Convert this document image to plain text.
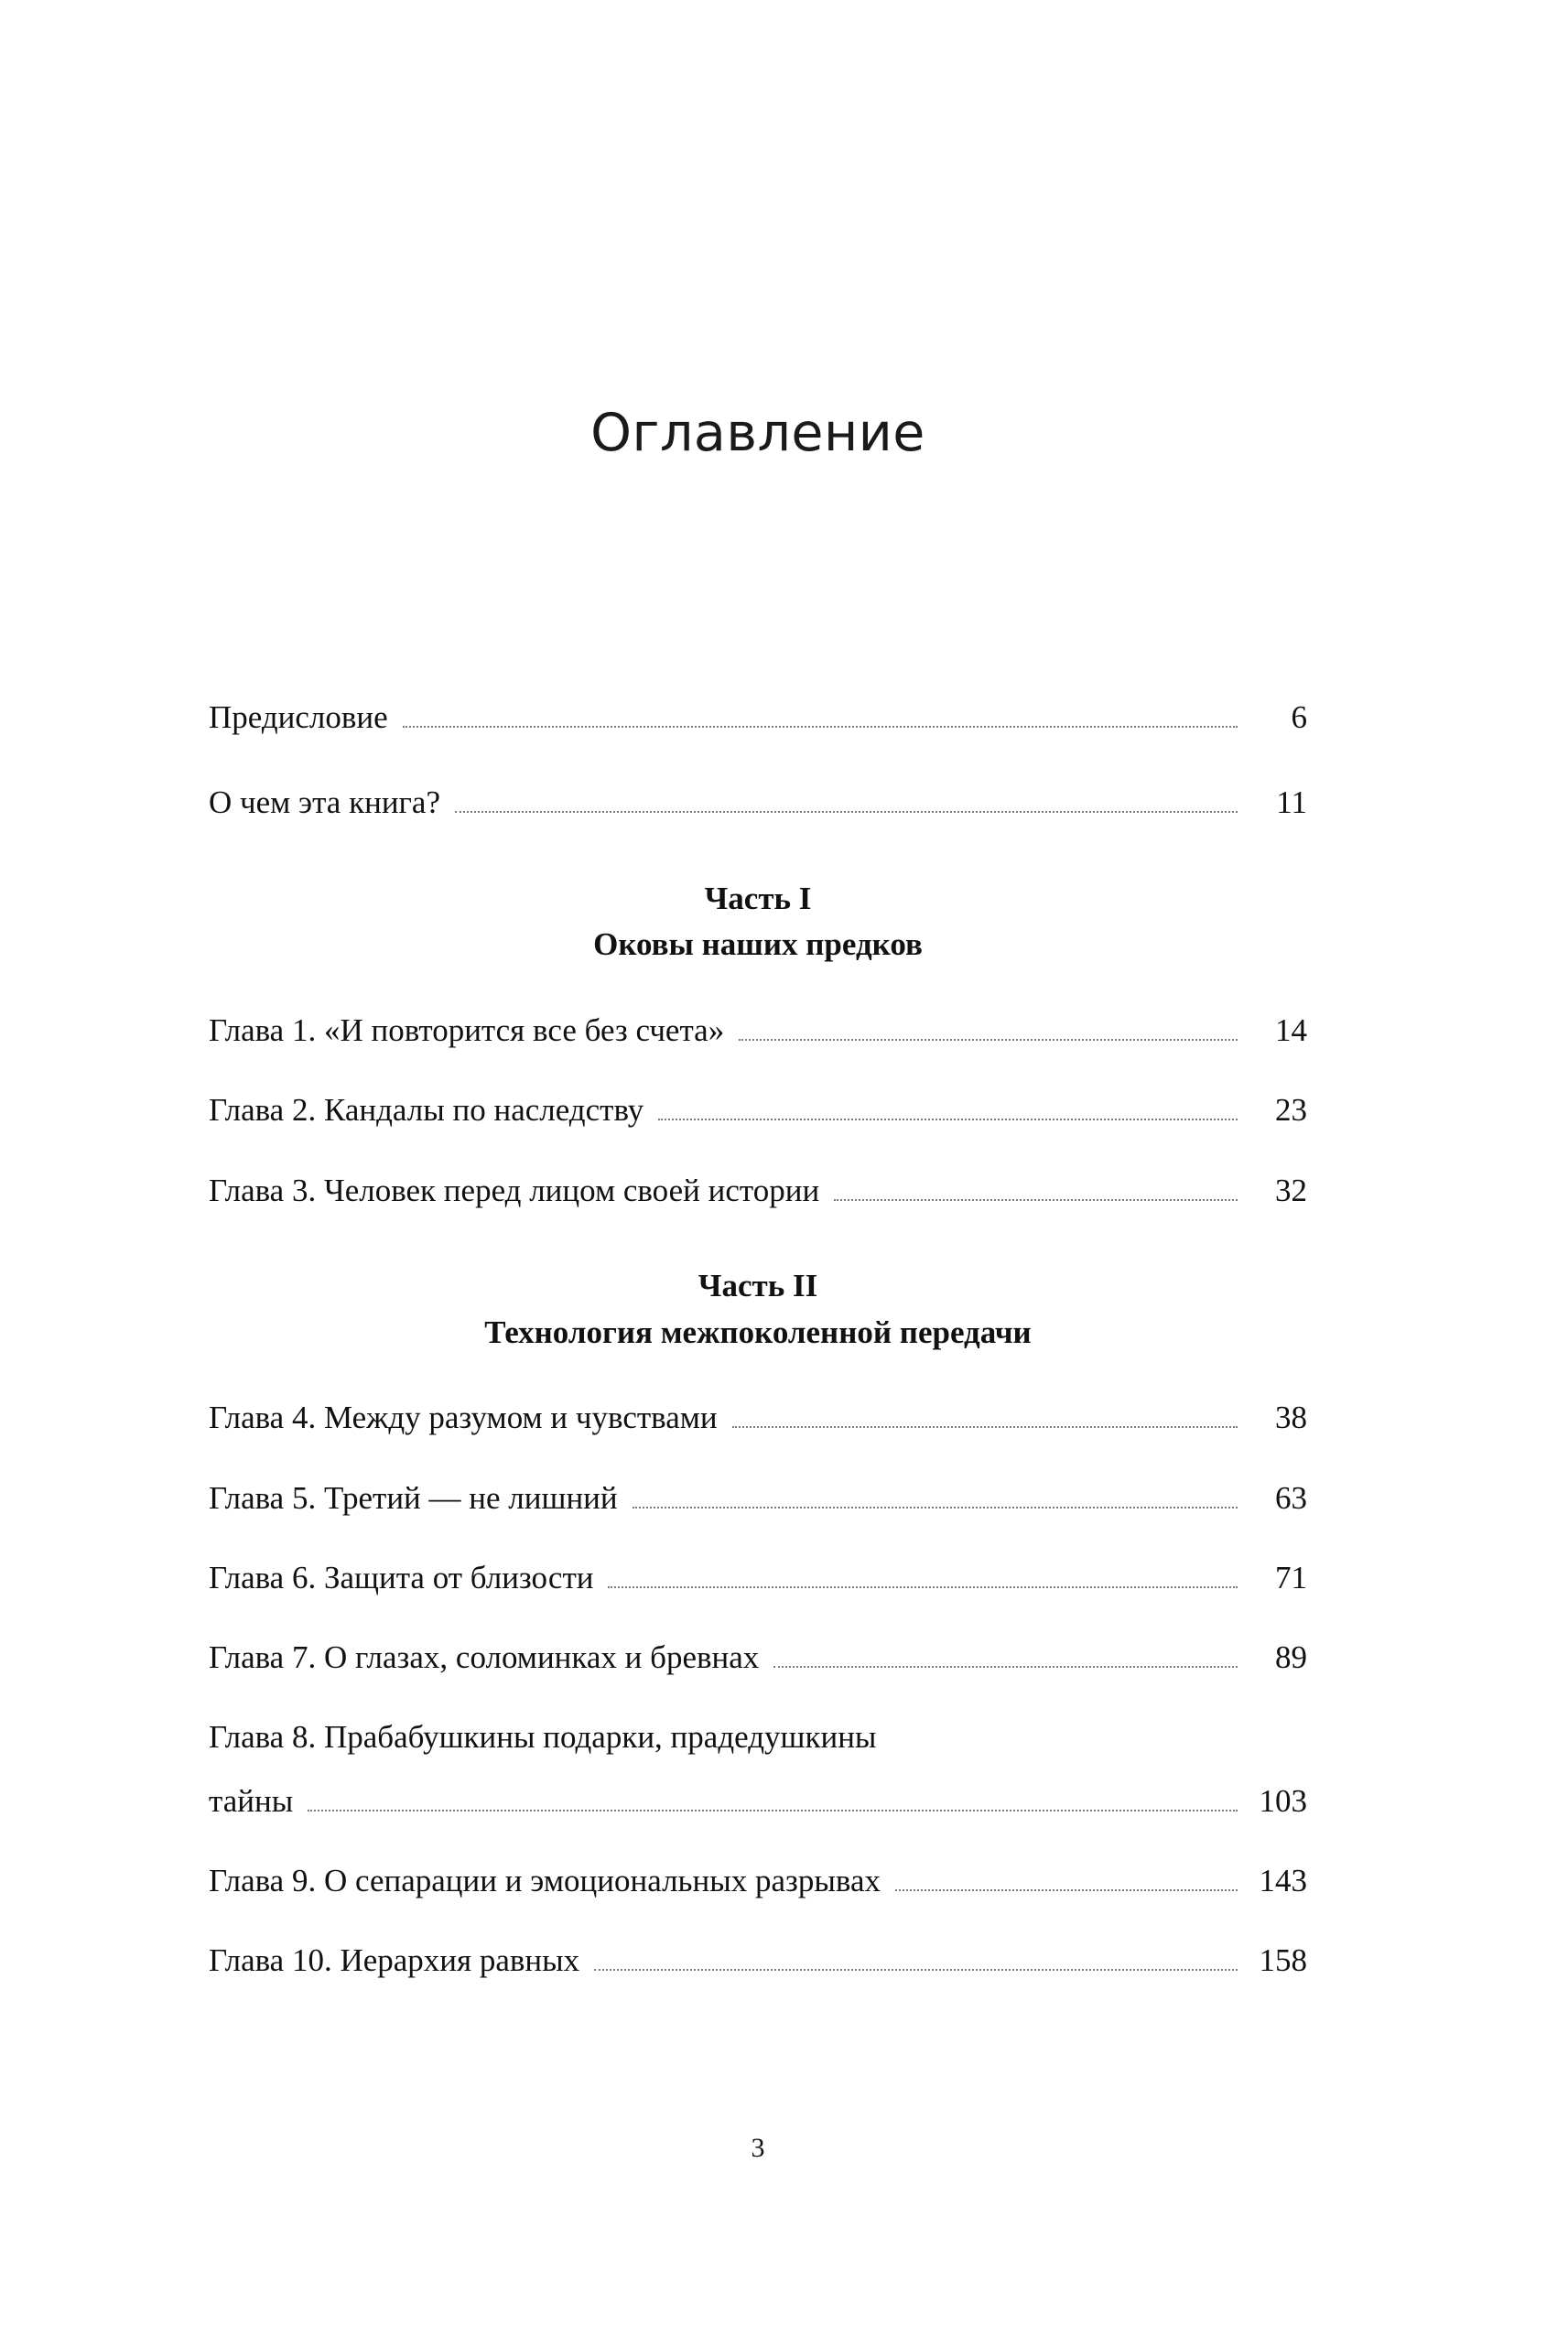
Оглавление
Предисловие	6
О чем эта книга?	11
Часть I
Оковы наших предков
Глава 1. «И повторится все без счета»	14
Глава 2. Кандалы по наследству	23
Глава 3. Человек перед лицом своей истории	32
Часть II
Технология межпоколенной передачи
Глава 4. Между разумом и чувствами	38
Глава 5. Третий — не лишний	63
Глава 6. Защита от близости	71
Глава 7. О глазах, соломинках и бревнах	89
Глава 8. Прабабушкины подарки, прадедушкины
тайны	103
Глава 9. О сепарации и эмоциональных разрывах	143
Глава 10. Иерархия равных	158
3
